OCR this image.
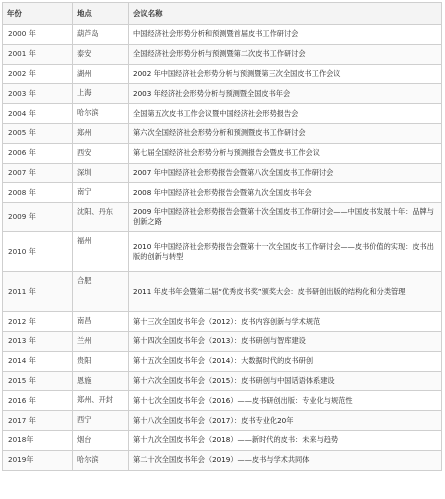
年份	地点	会议名称
2000 年	葫芦岛	中国经济社会形势分析和预测暨首届皮书工作研讨会
2001 年	泰安	全国经济社会形势分析与预测暨第二次皮书工作研讨会
2002 年	湖州	2002 年中国经济社会形势分析与预测暨第三次全国皮书工作会议
2003 年	上海	2003 年经济社会形势分析与预测暨全国皮书年会
2004 年	哈尔滨	全国第五次皮书工作会议暨中国经济社会形势报告会
2005 年	郑州	第六次全国经济社会形势分析和预测暨皮书工作研讨会
2006 年	西安	第七届全国经济社会形势分析与预测报告会暨皮书工作会议
2007 年	深圳	2007 年中国经济社会形势报告会暨第八次全国皮书工作研讨会
2008 年	南宁	2008 年中国经济社会形势报告会暨第九次全国皮书年会
2009 年	沈阳、丹东	2009 年中国经济社会形势报告会暨第十次全国皮书工作研讨会——中国皮书发展十年：品牌与创新之路
2010 年	福州	2010 年中国经济社会形势报告会暨第十一次全国皮书工作研讨会——皮书价值的实现：皮书出版的创新与转型
2011 年	合肥	2011 年皮书年会暨第二届“优秀皮书奖”颁奖大会：皮书研创出版的结构化和分类管理
2012 年	南昌	第十三次全国皮书年会（2012）：皮书内容创新与学术规范
2013 年	兰州	第十四次全国皮书年会（2013）：皮书研创与智库建设
2014 年	贵阳	第十五次全国皮书年会（2014）：大数据时代的皮书研创
2015 年	恩施	第十六次全国皮书年会（2015）：皮书研创与中国话语体系建设
2016 年	郑州、开封	第十七次全国皮书年会（2016）——皮书研创出版：专业化与规范性
2017 年	西宁	第十八次全国皮书年会（2017）：皮书专业化20年
2018年	烟台	第十九次全国皮书年会（2018）——新时代的皮书：未来与趋势
2019年	哈尔滨	第二十次全国皮书年会（2019）——皮书与学术共同体
